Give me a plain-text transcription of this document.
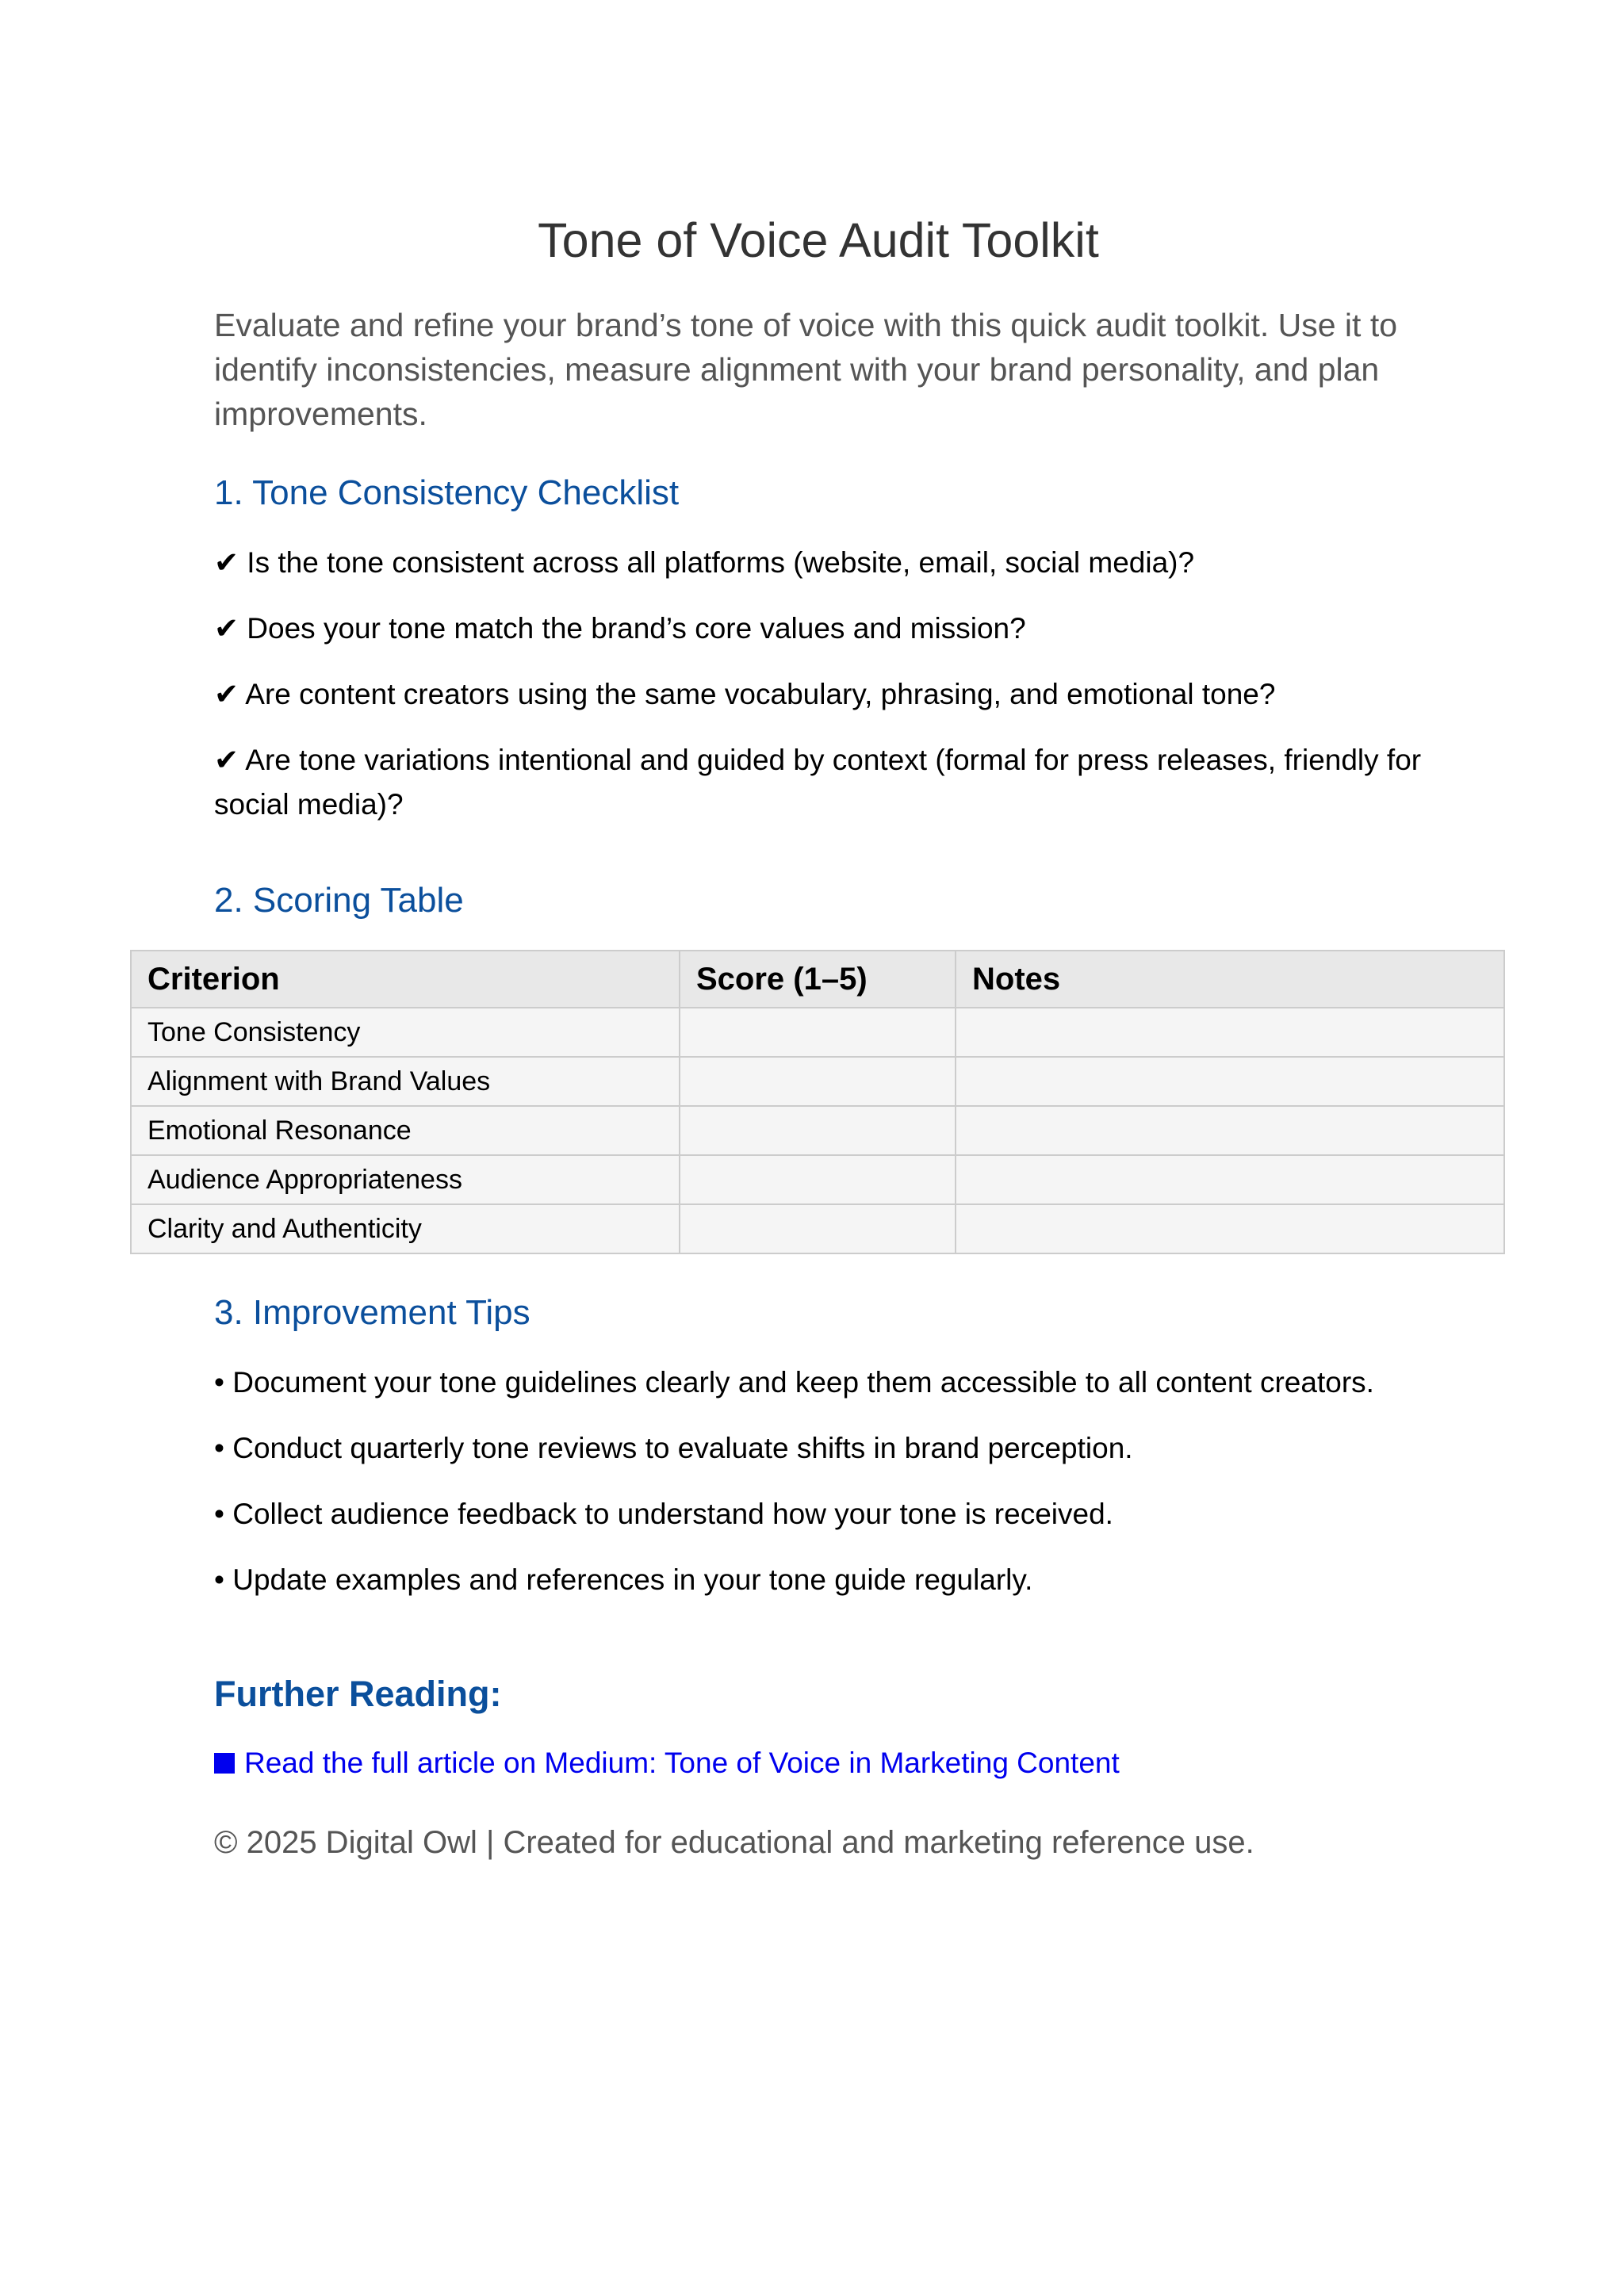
Tone of Voice Audit Toolkit

Evaluate and refine your brand’s tone of voice with this quick audit toolkit. Use it to identify inconsistencies, measure alignment with your brand personality, and plan improvements.

1. Tone Consistency Checklist

✔ Is the tone consistent across all platforms (website, email, social media)?

✔ Does your tone match the brand’s core values and mission?

✔ Are content creators using the same vocabulary, phrasing, and emotional tone?

✔ Are tone variations intentional and guided by context (formal for press releases, friendly for social media)?

2. Scoring Table
Criterion	Score (1–5)	Notes
Tone Consistency		
Alignment with Brand Values		
Emotional Resonance		
Audience Appropriateness		
Clarity and Authenticity		
3. Improvement Tips

• Document your tone guidelines clearly and keep them accessible to all content creators.

• Conduct quarterly tone reviews to evaluate shifts in brand perception.

• Collect audience feedback to understand how your tone is received.

• Update examples and references in your tone guide regularly.

Further Reading:
Read the full article on Medium: Tone of Voice in Marketing Content

© 2025 Digital Owl | Created for educational and marketing reference use.
